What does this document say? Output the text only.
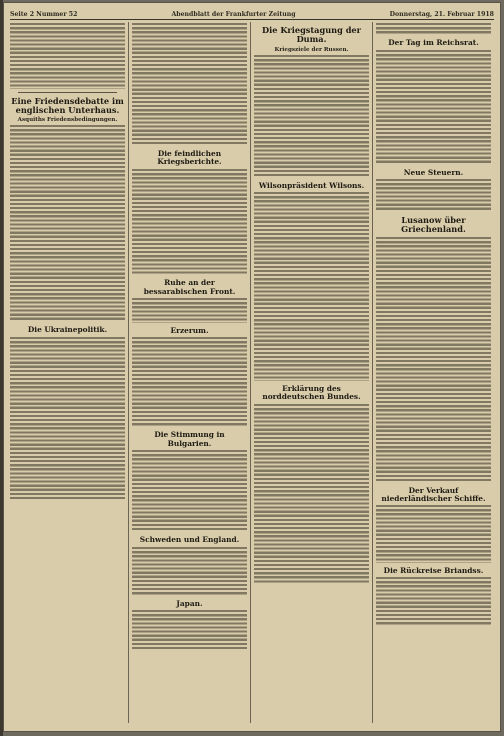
Seite 2 Nummer 52	Abendblatt der Frankfurter Zeitung	Donnerstag, 21. Februar 1918
Eine Friedensdebatte im englischen Unterhaus.
Asquiths Friedensbedingungen.
Die Ukrainepolitik.
Die feindlichen Kriegsberichte.
Ruhe an der bessarabischen Front.
Erzerum.
Die Stimmung in Bulgarien.
Schweden und England.
Japan.
Die Kriegstagung der Duma.
Kriegsziele der Russen.
Wilsonpräsident Wilsons.
Erklärung des norddeutschen Bundes.
Der Tag im Reichsrat.
Neue Steuern.
Lusanow über Griechenland.
Der Verkauf niederländischer Schiffe.
Die Rückreise Briandss.
